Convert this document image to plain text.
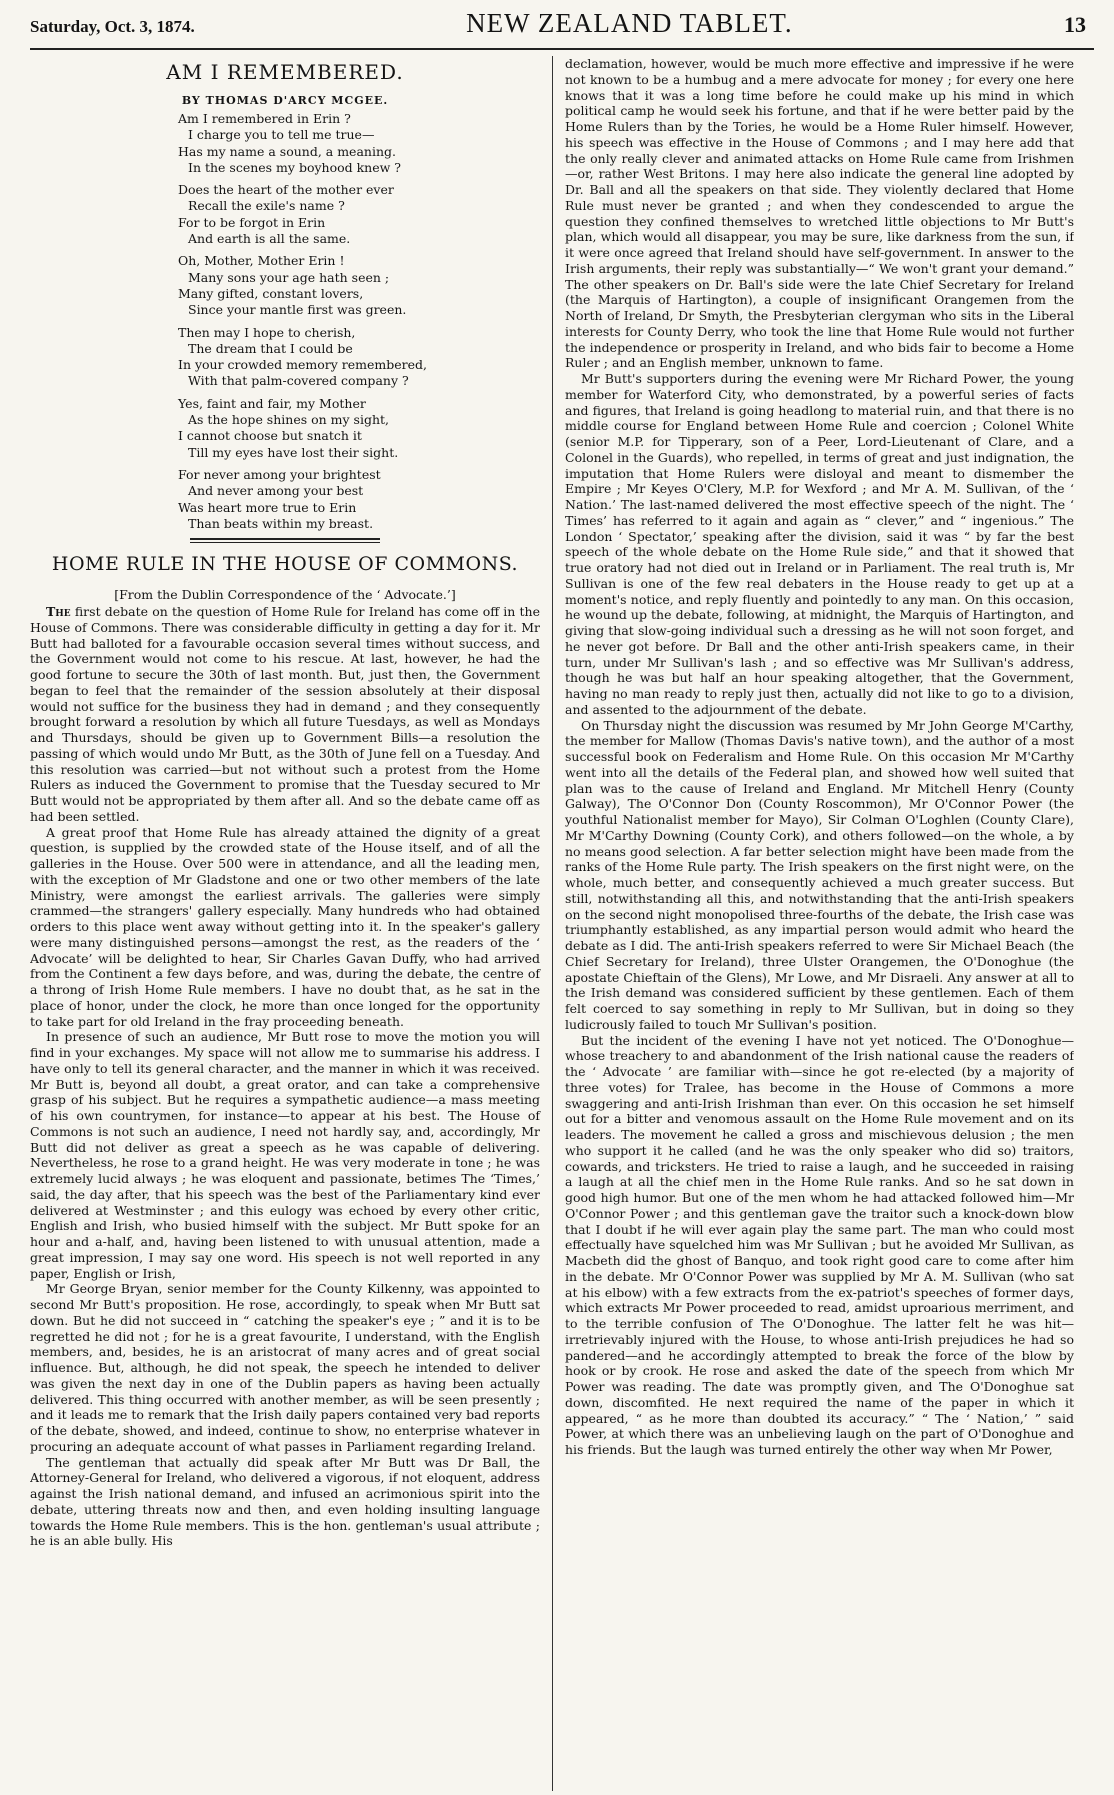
Saturday, Oct. 3, 1874.	NEW ZEALAND TABLET.	13
AM I REMEMBERED.
BY THOMAS D'ARCY MCGEE.
Am I remembered in Erin ?
I charge you to tell me true—
Has my name a sound, a meaning.
In the scenes my boyhood knew ?
Does the heart of the mother ever
Recall the exile's name ?
For to be forgot in Erin
And earth is all the same.
Oh, Mother, Mother Erin !
Many sons your age hath seen ;
Many gifted, constant lovers,
Since your mantle first was green.
Then may I hope to cherish,
The dream that I could be
In your crowded memory remembered,
With that palm-covered company ?
Yes, faint and fair, my Mother
As the hope shines on my sight,
I cannot choose but snatch it
Till my eyes have lost their sight.
For never among your brightest
And never among your best
Was heart more true to Erin
Than beats within my breast.
HOME RULE IN THE HOUSE OF COMMONS.
[From the Dublin Correspondence of the ‘ Advocate.’]

The first debate on the question of Home Rule for Ireland has come off in the House of Commons. There was considerable difficulty in getting a day for it. Mr Butt had balloted for a favourable occasion several times without success, and the Government would not come to his rescue. At last, however, he had the good fortune to secure the 30th of last month. But, just then, the Government began to feel that the remainder of the session absolutely at their disposal would not suffice for the business they had in demand ; and they consequently brought forward a resolution by which all future Tuesdays, as well as Mondays and Thursdays, should be given up to Government Bills—a resolution the passing of which would undo Mr Butt, as the 30th of June fell on a Tuesday. And this resolution was carried—but not without such a protest from the Home Rulers as induced the Government to promise that the Tuesday secured to Mr Butt would not be appropriated by them after all. And so the debate came off as had been settled.

A great proof that Home Rule has already attained the dignity of a great question, is supplied by the crowded state of the House itself, and of all the galleries in the House. Over 500 were in attendance, and all the leading men, with the exception of Mr Gladstone and one or two other members of the late Ministry, were amongst the earliest arrivals. The galleries were simply crammed—the strangers' gallery especially. Many hundreds who had obtained orders to this place went away without getting into it. In the speaker's gallery were many distinguished persons—amongst the rest, as the readers of the ‘ Advocate’ will be delighted to hear, Sir Charles Gavan Duffy, who had arrived from the Continent a few days before, and was, during the debate, the centre of a throng of Irish Home Rule members. I have no doubt that, as he sat in the place of honor, under the clock, he more than once longed for the opportunity to take part for old Ireland in the fray proceeding beneath.

In presence of such an audience, Mr Butt rose to move the motion you will find in your exchanges. My space will not allow me to summarise his address. I have only to tell its general character, and the manner in which it was received. Mr Butt is, beyond all doubt, a great orator, and can take a comprehensive grasp of his subject. But he requires a sympathetic audience—a mass meeting of his own countrymen, for instance—to appear at his best. The House of Commons is not such an audience, I need not hardly say, and, accordingly, Mr Butt did not deliver as great a speech as he was capable of delivering. Nevertheless, he rose to a grand height. He was very moderate in tone ; he was extremely lucid always ; he was eloquent and passionate, betimes The ‘Times,’ said, the day after, that his speech was the best of the Parliamentary kind ever delivered at Westminster ; and this eulogy was echoed by every other critic, English and Irish, who busied himself with the subject. Mr Butt spoke for an hour and a-half, and, having been listened to with unusual attention, made a great impression, I may say one word. His speech is not well reported in any paper, English or Irish,

Mr George Bryan, senior member for the County Kilkenny, was appointed to second Mr Butt's proposition. He rose, accordingly, to speak when Mr Butt sat down. But he did not succeed in “ catching the speaker's eye ; ” and it is to be regretted he did not ; for he is a great favourite, I understand, with the English members, and, besides, he is an aristocrat of many acres and of great social influence. But, although, he did not speak, the speech he intended to deliver was given the next day in one of the Dublin papers as having been actually delivered. This thing occurred with another member, as will be seen presently ; and it leads me to remark that the Irish daily papers contained very bad reports of the debate, showed, and indeed, continue to show, no enterprise whatever in procuring an adequate account of what passes in Parliament regarding Ireland.

The gentleman that actually did speak after Mr Butt was Dr Ball, the Attorney-General for Ireland, who delivered a vigorous, if not eloquent, address against the Irish national demand, and infused an acrimonious spirit into the debate, uttering threats now and then, and even holding insulting language towards the Home Rule members. This is the hon. gentleman's usual attribute ; he is an able bully. His

declamation, however, would be much more effective and impressive if he were not known to be a humbug and a mere advocate for money ; for every one here knows that it was a long time before he could make up his mind in which political camp he would seek his fortune, and that if he were better paid by the Home Rulers than by the Tories, he would be a Home Ruler himself. However, his speech was effective in the House of Commons ; and I may here add that the only really clever and animated attacks on Home Rule came from Irishmen—or, rather West Britons. I may here also indicate the general line adopted by Dr. Ball and all the speakers on that side. They violently declared that Home Rule must never be granted ; and when they condescended to argue the question they confined themselves to wretched little objections to Mr Butt's plan, which would all disappear, you may be sure, like darkness from the sun, if it were once agreed that Ireland should have self-government. In answer to the Irish arguments, their reply was substantially—“ We won't grant your demand.” The other speakers on Dr. Ball's side were the late Chief Secretary for Ireland (the Marquis of Hartington), a couple of insignificant Orangemen from the North of Ireland, Dr Smyth, the Presbyterian clergyman who sits in the Liberal interests for County Derry, who took the line that Home Rule would not further the independence or prosperity in Ireland, and who bids fair to become a Home Ruler ; and an English member, unknown to fame.

Mr Butt's supporters during the evening were Mr Richard Power, the young member for Waterford City, who demonstrated, by a powerful series of facts and figures, that Ireland is going headlong to material ruin, and that there is no middle course for England between Home Rule and coercion ; Colonel White (senior M.P. for Tipperary, son of a Peer, Lord-Lieutenant of Clare, and a Colonel in the Guards), who repelled, in terms of great and just indignation, the imputation that Home Rulers were disloyal and meant to dismember the Empire ; Mr Keyes O'Clery, M.P. for Wexford ; and Mr A. M. Sullivan, of the ‘ Nation.’ The last-named delivered the most effective speech of the night. The ‘ Times’ has referred to it again and again as “ clever,” and “ ingenious.” The London ‘ Spectator,’ speaking after the division, said it was “ by far the best speech of the whole debate on the Home Rule side,” and that it showed that true oratory had not died out in Ireland or in Parliament. The real truth is, Mr Sullivan is one of the few real debaters in the House ready to get up at a moment's notice, and reply fluently and pointedly to any man. On this occasion, he wound up the debate, following, at midnight, the Marquis of Hartington, and giving that slow-going individual such a dressing as he will not soon forget, and he never got before. Dr Ball and the other anti-Irish speakers came, in their turn, under Mr Sullivan's lash ; and so effective was Mr Sullivan's address, though he was but half an hour speaking altogether, that the Government, having no man ready to reply just then, actually did not like to go to a division, and assented to the adjournment of the debate.

On Thursday night the discussion was resumed by Mr John George M'Carthy, the member for Mallow (Thomas Davis's native town), and the author of a most successful book on Federalism and Home Rule. On this occasion Mr M'Carthy went into all the details of the Federal plan, and showed how well suited that plan was to the cause of Ireland and England. Mr Mitchell Henry (County Galway), The O'Connor Don (County Roscommon), Mr O'Connor Power (the youthful Nationalist member for Mayo), Sir Colman O'Loghlen (County Clare), Mr M'Carthy Downing (County Cork), and others followed—on the whole, a by no means good selection. A far better selection might have been made from the ranks of the Home Rule party. The Irish speakers on the first night were, on the whole, much better, and consequently achieved a much greater success. But still, notwithstanding all this, and notwithstanding that the anti-Irish speakers on the second night monopolised three-fourths of the debate, the Irish case was triumphantly established, as any impartial person would admit who heard the debate as I did. The anti-Irish speakers referred to were Sir Michael Beach (the Chief Secretary for Ireland), three Ulster Orangemen, the O'Donoghue (the apostate Chieftain of the Glens), Mr Lowe, and Mr Disraeli. Any answer at all to the Irish demand was considered sufficient by these gentlemen. Each of them felt coerced to say something in reply to Mr Sullivan, but in doing so they ludicrously failed to touch Mr Sullivan's position.

But the incident of the evening I have not yet noticed. The O'Donoghue—whose treachery to and abandonment of the Irish national cause the readers of the ‘ Advocate ’ are familiar with—since he got re-elected (by a majority of three votes) for Tralee, has become in the House of Commons a more swaggering and anti-Irish Irishman than ever. On this occasion he set himself out for a bitter and venomous assault on the Home Rule movement and on its leaders. The movement he called a gross and mischievous delusion ; the men who support it he called (and he was the only speaker who did so) traitors, cowards, and tricksters. He tried to raise a laugh, and he succeeded in raising a laugh at all the chief men in the Home Rule ranks. And so he sat down in good high humor. But one of the men whom he had attacked followed him—Mr O'Connor Power ; and this gentleman gave the traitor such a knock-down blow that I doubt if he will ever again play the same part. The man who could most effectually have squelched him was Mr Sullivan ; but he avoided Mr Sullivan, as Macbeth did the ghost of Banquo, and took right good care to come after him in the debate. Mr O'Connor Power was supplied by Mr A. M. Sullivan (who sat at his elbow) with a few extracts from the ex-patriot's speeches of former days, which extracts Mr Power proceeded to read, amidst uproarious merriment, and to the terrible confusion of The O'Donoghue. The latter felt he was hit—irretrievably injured with the House, to whose anti-Irish prejudices he had so pandered—and he accordingly attempted to break the force of the blow by hook or by crook. He rose and asked the date of the speech from which Mr Power was reading. The date was promptly given, and The O'Donoghue sat down, discomfited. He next required the name of the paper in which it appeared, “ as he more than doubted its accuracy.” “ The ‘ Nation,’ ” said Power, at which there was an unbelieving laugh on the part of O'Donoghue and his friends. But the laugh was turned entirely the other way when Mr Power,
